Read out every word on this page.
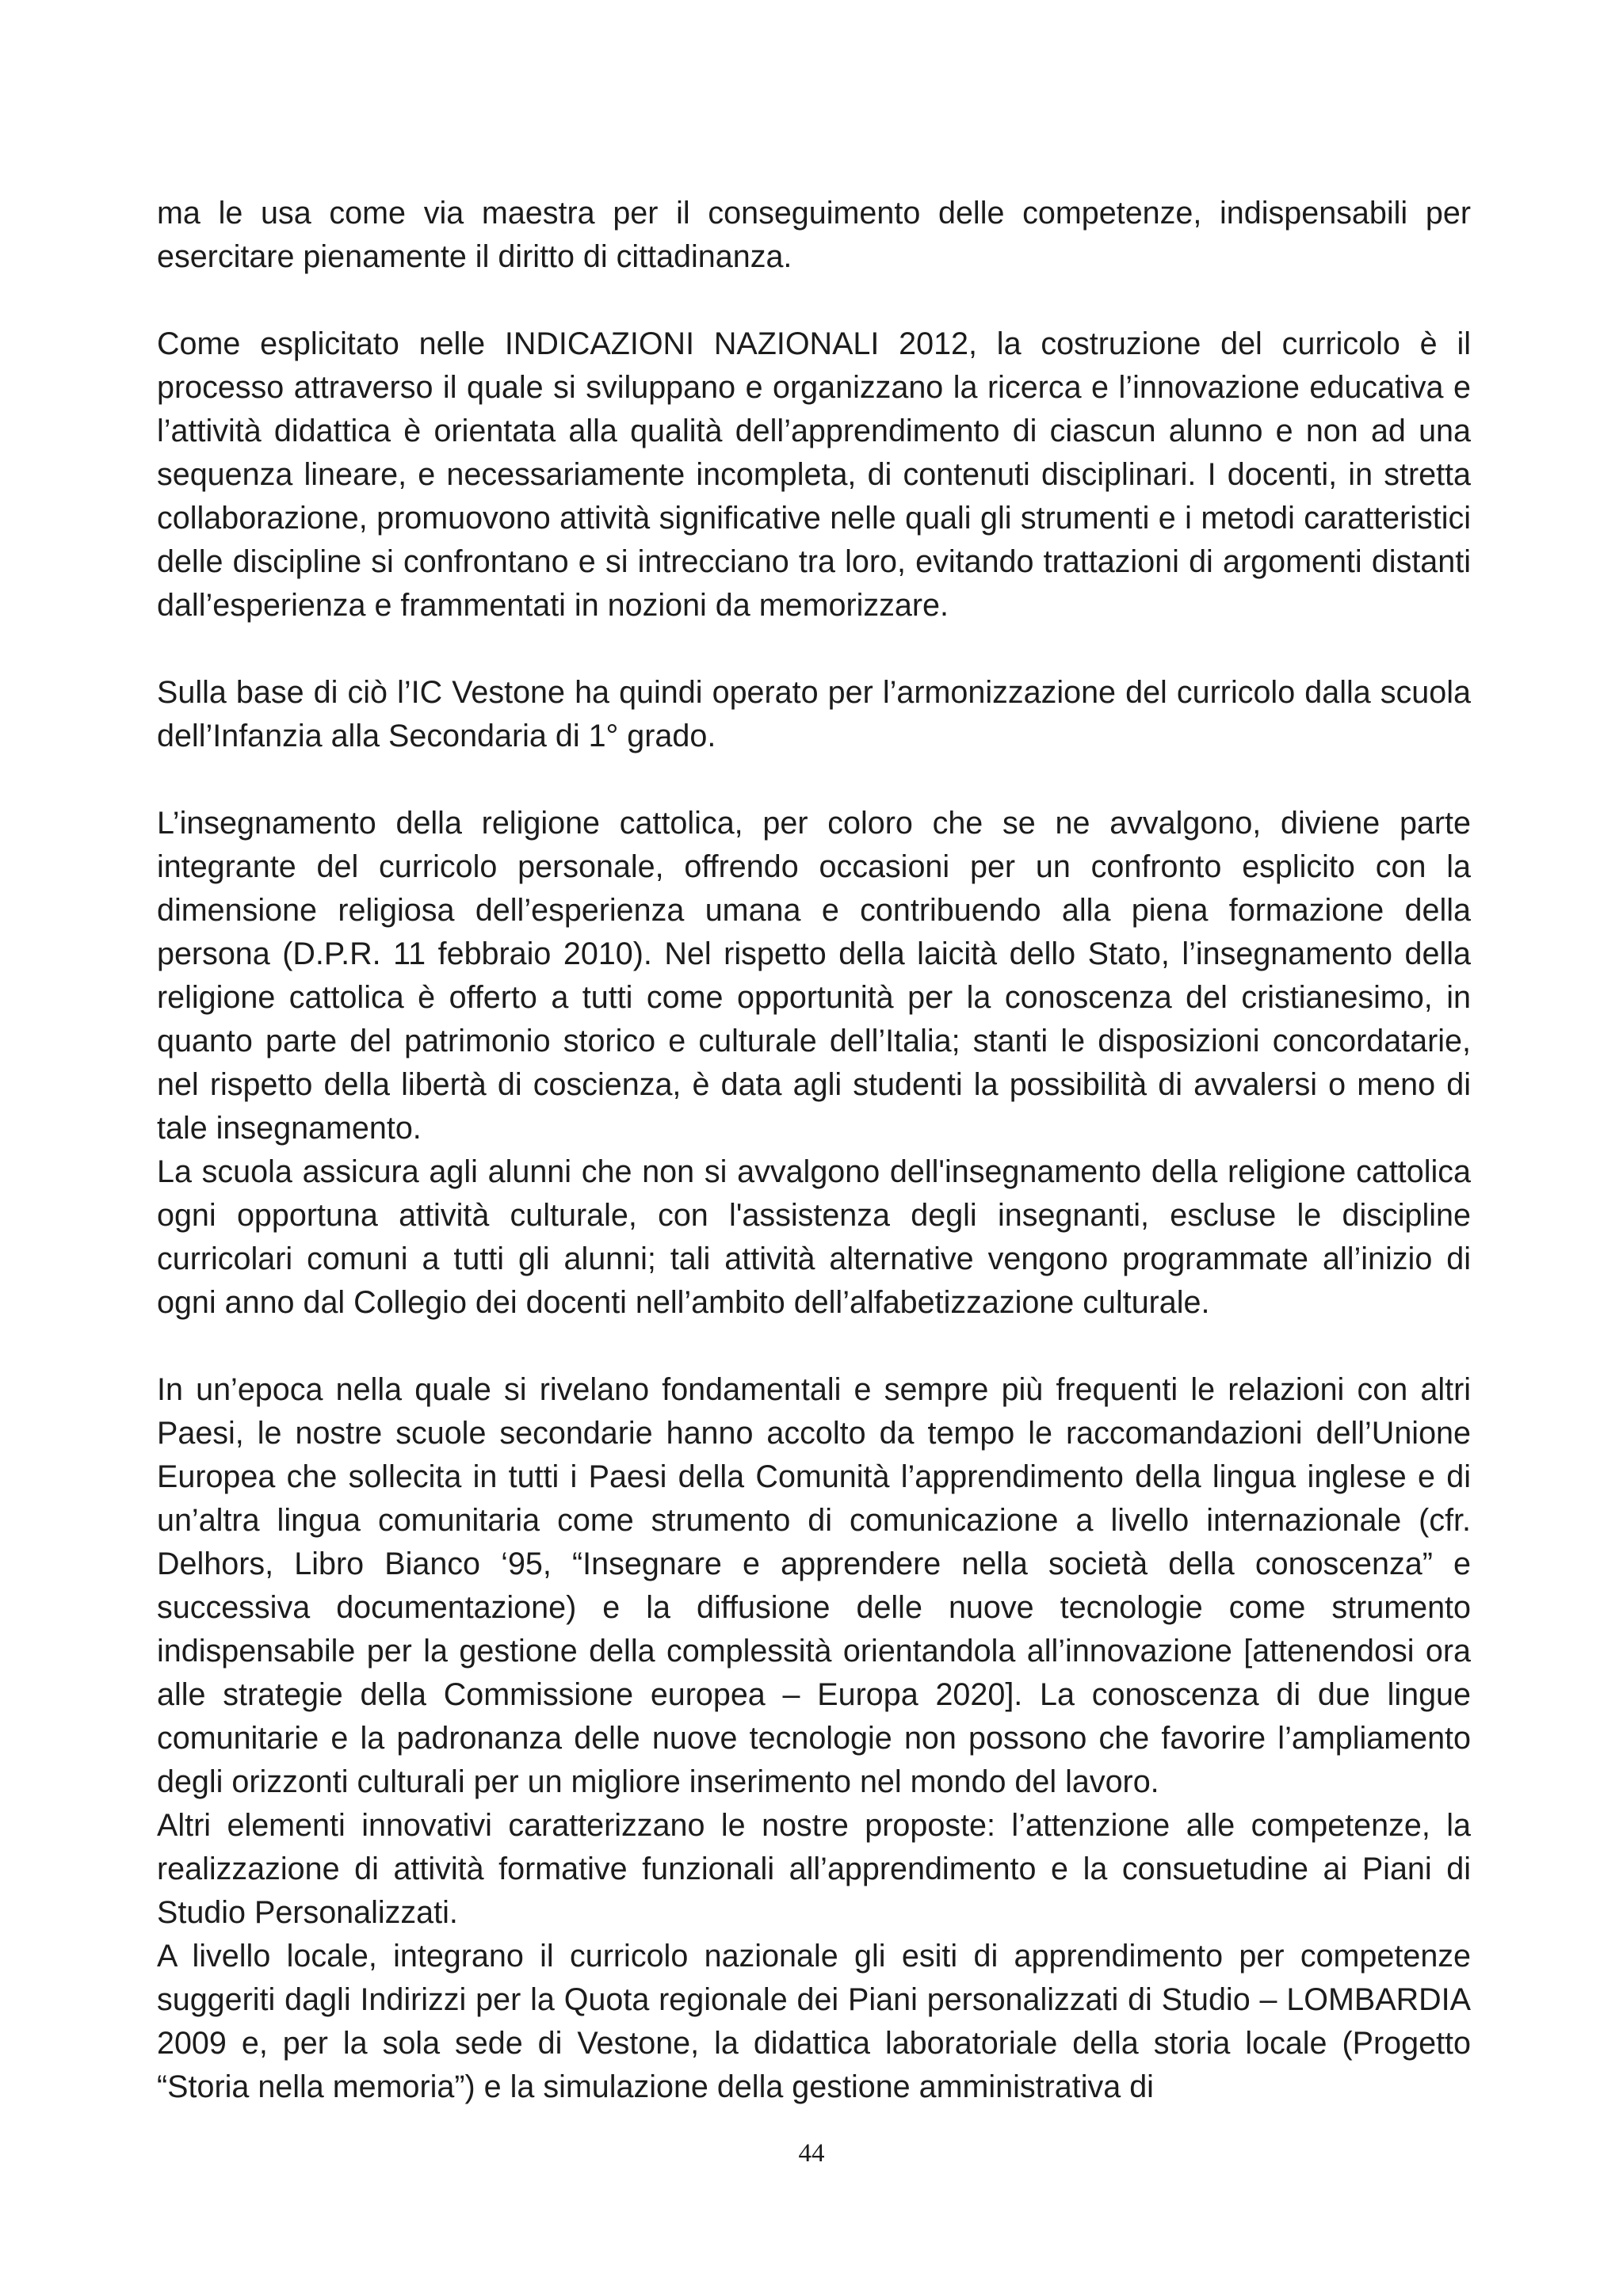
ma le usa come via maestra per il conseguimento delle competenze, indispensabili per esercitare pienamente il diritto di cittadinanza.

Come esplicitato nelle INDICAZIONI NAZIONALI 2012, la costruzione del curricolo è il processo attraverso il quale si sviluppano e organizzano la ricerca e l’innovazione educativa e l’attività didattica è orientata alla qualità dell’apprendimento di ciascun alunno e non ad una sequenza lineare, e necessariamente incompleta, di contenuti disciplinari. I docenti, in stretta collaborazione, promuovono attività significative nelle quali gli strumenti e i metodi caratteristici delle discipline si confrontano e si intrecciano tra loro, evitando trattazioni di argomenti distanti dall’esperienza e frammentati in nozioni da memorizzare.

Sulla base di ciò l’IC Vestone ha quindi operato per l’armonizzazione del curricolo dalla scuola dell’Infanzia alla Secondaria di 1° grado.

L’insegnamento della religione cattolica, per coloro che se ne avvalgono, diviene parte integrante del curricolo personale, offrendo occasioni per un confronto esplicito con la dimensione religiosa dell’esperienza umana e contribuendo alla piena formazione della persona (D.P.R. 11 febbraio 2010). Nel rispetto della laicità dello Stato, l’insegnamento della religione cattolica è offerto a tutti come opportunità per la conoscenza del cristianesimo, in quanto parte del patrimonio storico e culturale dell’Italia; stanti le disposizioni concordatarie, nel rispetto della libertà di coscienza, è data agli studenti la possibilità di avvalersi o meno di tale insegnamento.

La scuola assicura agli alunni che non si avvalgono dell'insegnamento della religione cattolica ogni opportuna attività culturale, con l'assistenza degli insegnanti, escluse le discipline curricolari comuni a tutti gli alunni; tali attività alternative vengono programmate all’inizio di ogni anno dal Collegio dei docenti nell’ambito dell’alfabetizzazione culturale.

In un’epoca nella quale si rivelano fondamentali e sempre più frequenti le relazioni con altri Paesi, le nostre scuole secondarie hanno accolto da tempo le raccomandazioni dell’Unione Europea che sollecita in tutti i Paesi della Comunità l’apprendimento della lingua inglese e di un’altra lingua comunitaria come strumento di comunicazione a livello internazionale (cfr. Delhors, Libro Bianco ‘95, “Insegnare e apprendere nella società della conoscenza” e successiva documentazione) e la diffusione delle nuove tecnologie come strumento indispensabile per la gestione della complessità orientandola all’innovazione [attenendosi ora alle strategie della Commissione europea – Europa 2020]. La conoscenza di due lingue comunitarie e la padronanza delle nuove tecnologie non possono che favorire l’ampliamento degli orizzonti culturali per un migliore inserimento nel mondo del lavoro.

Altri elementi innovativi caratterizzano le nostre proposte: l’attenzione alle competenze, la realizzazione di attività formative funzionali all’apprendimento e la consuetudine ai Piani di Studio Personalizzati.

A livello locale, integrano il curricolo nazionale gli esiti di apprendimento per competenze suggeriti dagli Indirizzi per la Quota regionale dei Piani personalizzati di Studio – LOMBARDIA 2009 e, per la sola sede di Vestone, la didattica laboratoriale della storia locale (Progetto “Storia nella memoria”) e la simulazione della gestione amministrativa di

44
